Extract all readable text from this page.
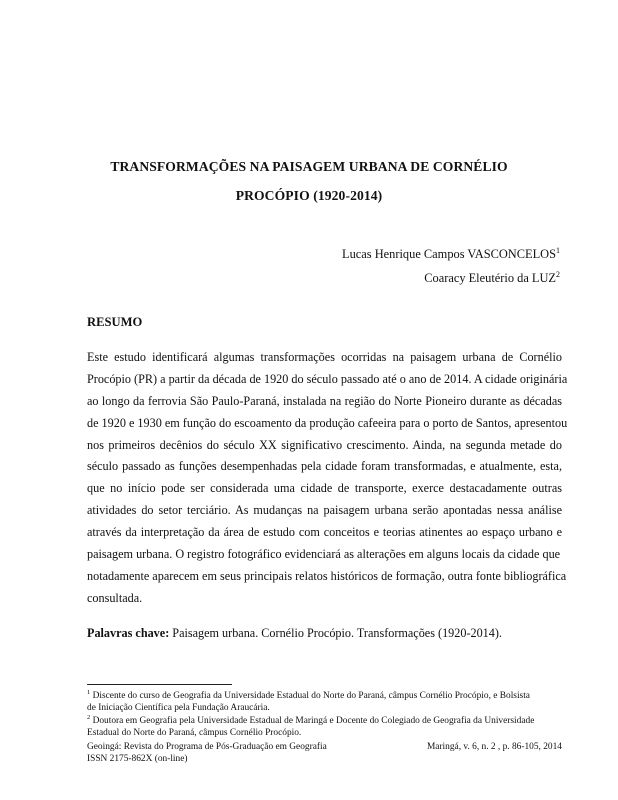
TRANSFORMAÇÕES NA PAISAGEM URBANA DE CORNÉLIO
PROCÓPIO (1920-2014)
Lucas Henrique Campos VASCONCELOS$^1$
Coaracy Eleutério da LUZ$^2$
RESUMO
Este estudo identificará algumas transformações ocorridas na paisagem urbana de Cornélio
Procópio (PR) a partir da década de 1920 do século passado até o ano de 2014. A cidade originária
ao longo da ferrovia São Paulo-Paraná, instalada na região do Norte Pioneiro durante as décadas
de 1920 e 1930 em função do escoamento da produção cafeeira para o porto de Santos, apresentou
nos primeiros decênios do século XX significativo crescimento. Ainda, na segunda metade do
século passado as funções desempenhadas pela cidade foram transformadas, e atualmente, esta,
que no início pode ser considerada uma cidade de transporte, exerce destacadamente outras
atividades do setor terciário. As mudanças na paisagem urbana serão apontadas nessa análise
através da interpretação da área de estudo com conceitos e teorias atinentes ao espaço urbano e
paisagem urbana. O registro fotográfico evidenciará as alterações em alguns locais da cidade que
notadamente aparecem em seus principais relatos históricos de formação, outra fonte bibliográfica
consultada.
Palavras chave: Paisagem urbana. Cornélio Procópio. Transformações (1920-2014).
$^1$ Discente do curso de Geografia da Universidade Estadual do Norte do Paraná, câmpus Cornélio Procópio, e Bolsista
de Iniciação Científica pela Fundação Araucária.
$^2$ Doutora em Geografia pela Universidade Estadual de Maringá e Docente do Colegiado de Geografia da Universidade
Estadual do Norte do Paraná, câmpus Cornélio Procópio.
Geoingá: Revista do Programa de Pós-Graduação em Geografia	Maringá, v. 6, n. 2 , p. 86-105, 2014
ISSN 2175-862X (on-line)
